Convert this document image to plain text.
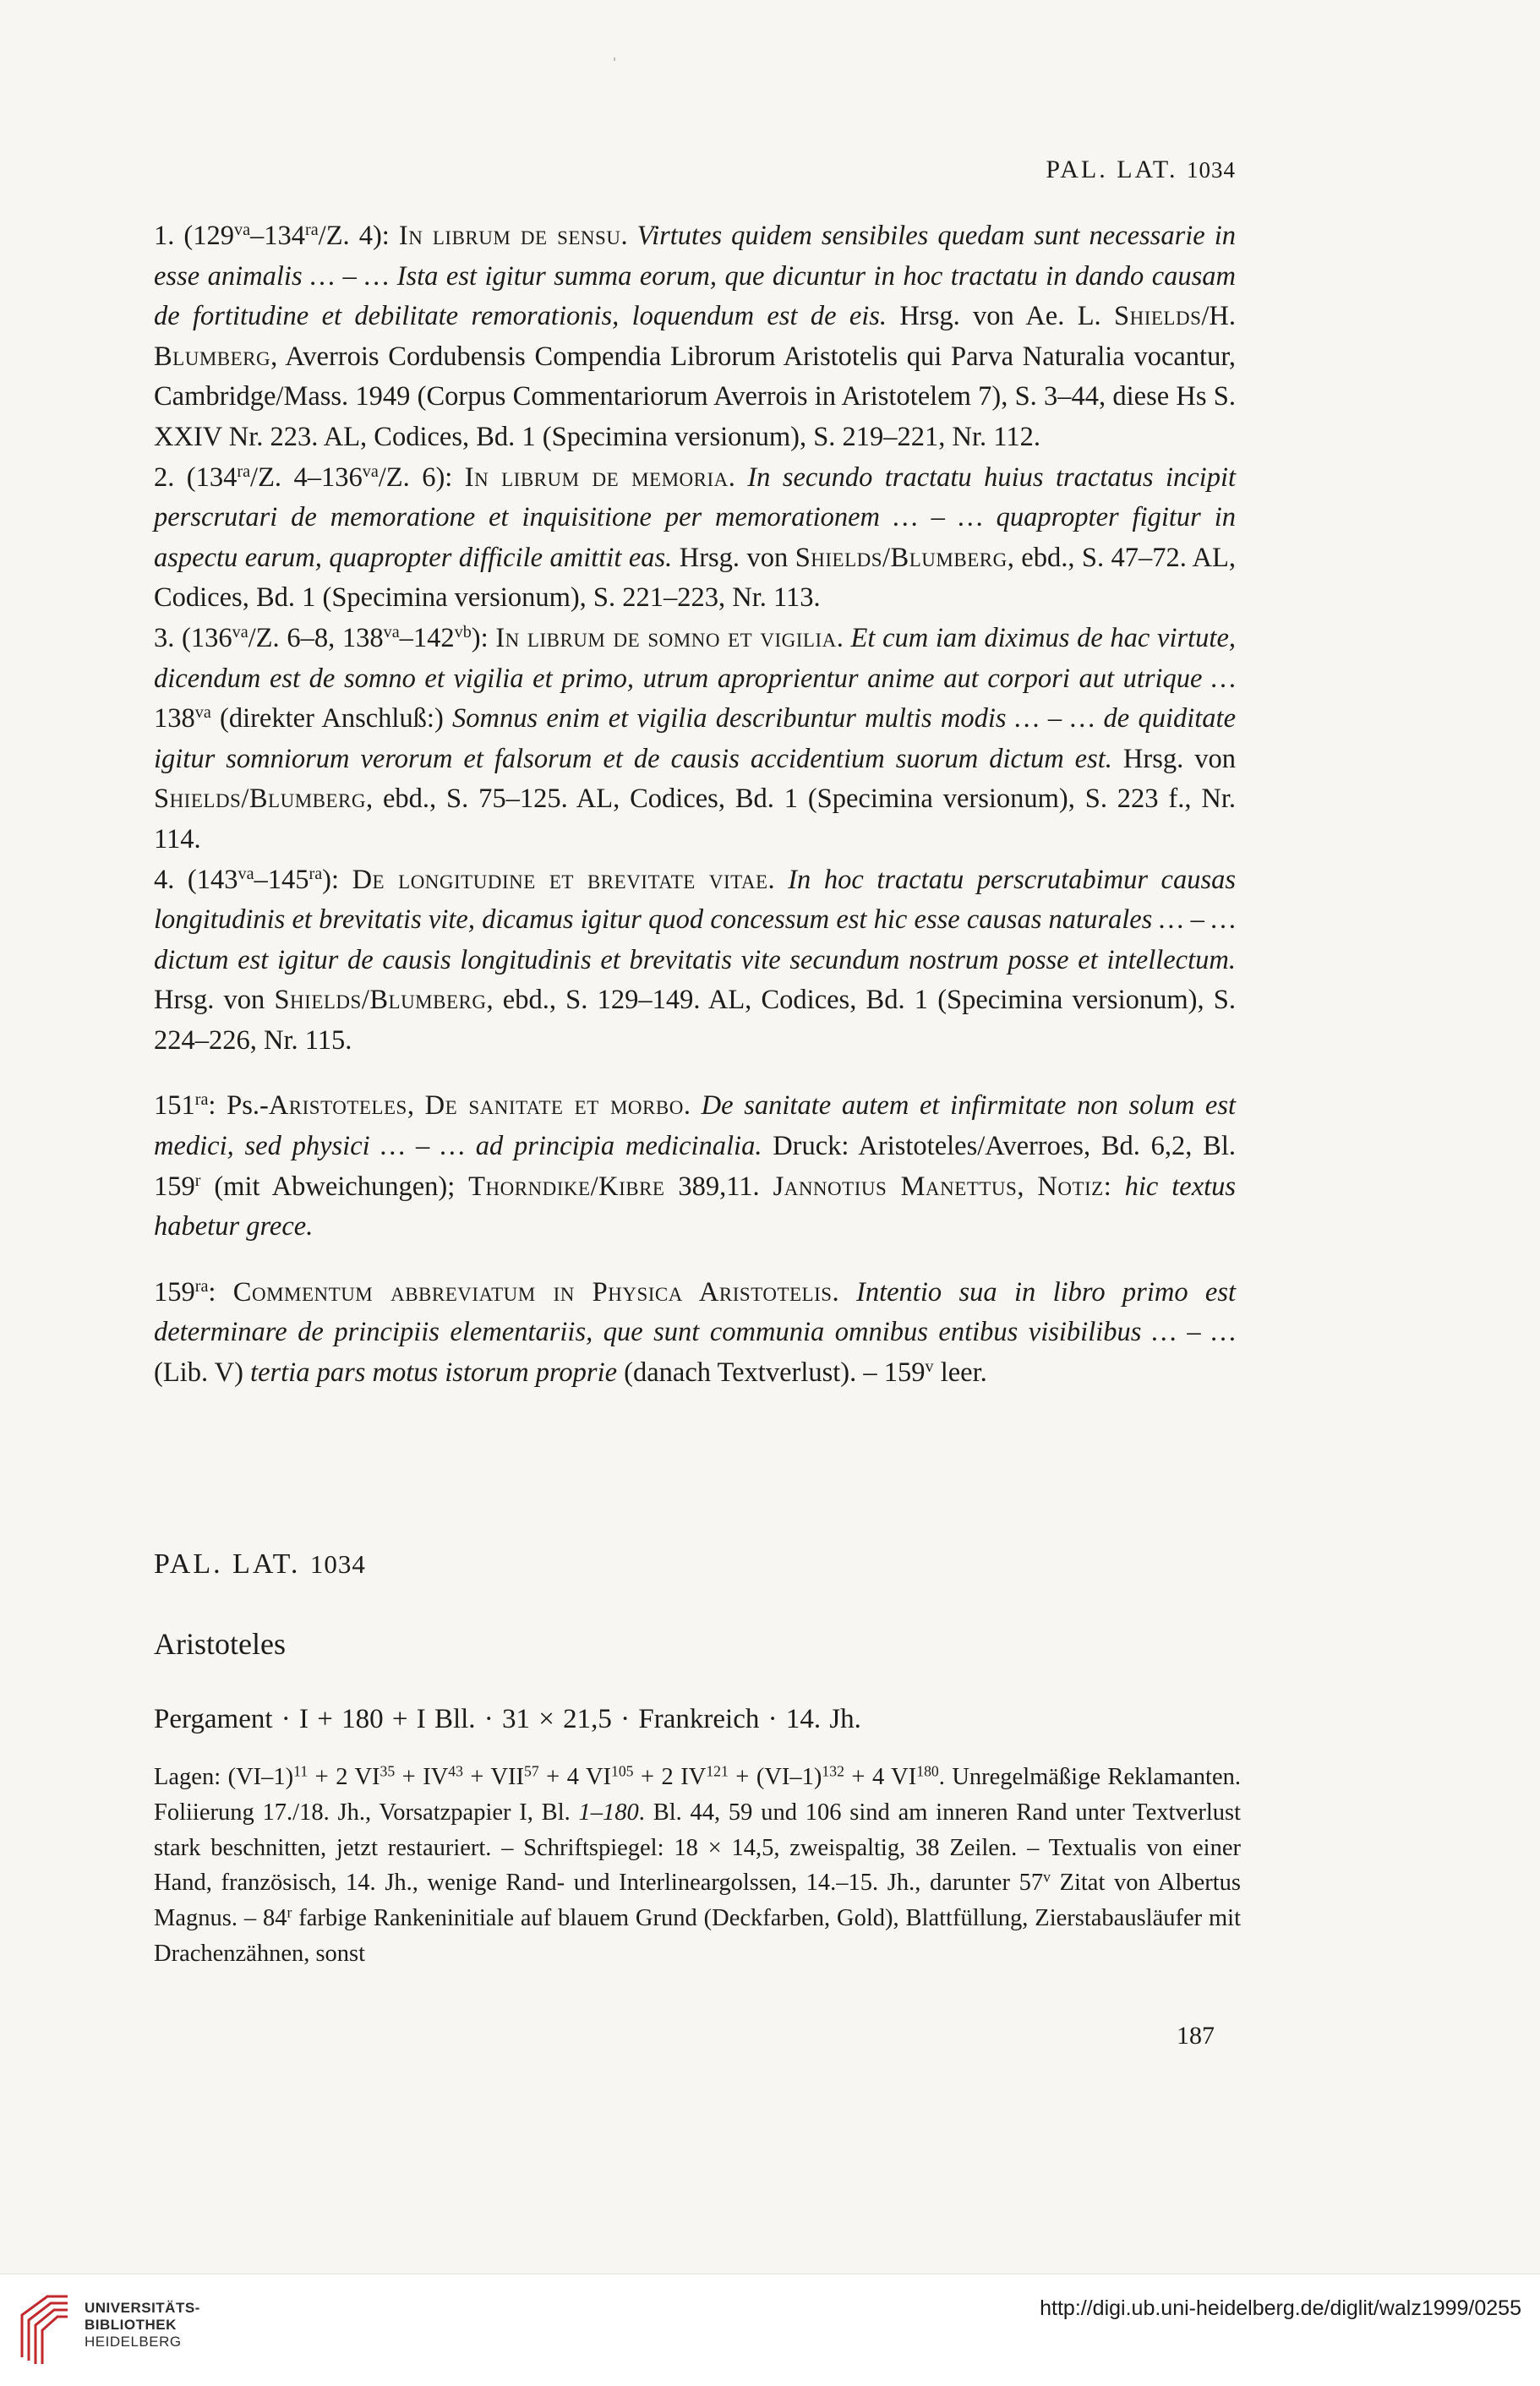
PAL. LAT. 1034

1. ($129^{va}-134^{ra}/Z$. 4): In librum de sensu. Virtutes quidem sensibiles quedam sunt necessarie in esse animalis … – … Ista est igitur summa eorum, que dicuntur in hoc tractatu in dando causam de fortitudine et debilitate remorationis, loquendum est de eis. Hrsg. von Ae. L. Shields/H. Blumberg, Averrois Cordubensis Compendia Librorum Aristotelis qui Parva Naturalia vocantur, Cambridge/Mass. 1949 (Corpus Commentariorum Averrois in Aristotelem 7), S. 3–44, diese Hs S. XXIV Nr. 223. AL, Codices, Bd. 1 (Specimina versionum), S. 219–221, Nr. 112.

2. ($134^{ra}/Z$. $4-136^{va}/Z$. 6): In librum de memoria. In secundo tractatu huius tractatus incipit perscrutari de memoratione et inquisitione per memorationem … – … quapropter figitur in aspectu earum, quapropter difficile amittit eas. Hrsg. von Shields/Blumberg, ebd., S. 47–72. AL, Codices, Bd. 1 (Specimina versionum), S. 221–223, Nr. 113.

3. ($136^{va}/Z$. 6–8, $138^{va}-142^{vb}$): In librum de somno et vigilia. Et cum iam diximus de hac virtute, dicendum est de somno et vigilia et primo, utrum aproprientur anime aut corpori aut utrique … $138^{va}$ (direkter Anschluß:) Somnus enim et vigilia describuntur multis modis … – … de quiditate igitur somniorum verorum et falsorum et de causis accidentium suorum dictum est. Hrsg. von Shields/Blumberg, ebd., S. 75–125. AL, Codices, Bd. 1 (Specimina versionum), S. 223 f., Nr. 114.

4. $(143^{va}-145^{ra})$: De longitudine et brevitate vitae. In hoc tractatu perscrutabimur causas longitudinis et brevitatis vite, dicamus igitur quod concessum est hic esse causas naturales … – … dictum est igitur de causis longitudinis et brevitatis vite secundum nostrum posse et intellectum. Hrsg. von Shields/Blumberg, ebd., S. 129–149. AL, Codices, Bd. 1 (Specimina versionum), S. 224–226, Nr. 115.

$151^{ra}$: Ps.-Aristoteles, De sanitate et morbo. De sanitate autem et infirmitate non solum est medici, sed physici … – … ad principia medicinalia. Druck: Aristoteles/Averroes, Bd. 6,2, Bl. 159$^r$ (mit Abweichungen); Thorndike/Kibre 389,11. Jannotius Manettus, Notiz: hic textus habetur grece.

$159^{ra}$: Commentum abbreviatum in Physica Aristotelis. Intentio sua in libro primo est determinare de principiis elementariis, que sunt communia omnibus entibus visibilibus … – … (Lib. V) tertia pars motus istorum proprie (danach Textverlust). – 159$^v$ leer.

PAL. LAT. 1034
Aristoteles
Pergament · I + 180 + I Bll. · 31 × 21,5 · Frankreich · 14. Jh.
Lagen: $(VI-1)^{11} + 2$ $VI^{35} + IV^{43} + VII^{57} + 4$ $VI^{105} + 2$ $IV^{121} + (VI-1)^{132} + 4$ VI$^{180}$. Unregelmäßige Reklamanten. Foliierung 17./18. Jh., Vorsatzpapier I, Bl. 1–180. Bl. 44, 59 und 106 sind am inneren Rand unter Textverlust stark beschnitten, jetzt restauriert. – Schriftspiegel: 18 × 14,5, zweispaltig, 38 Zeilen. – Textualis von einer Hand, französisch, 14. Jh., wenige Rand- und Interlineargolssen, 14.–15. Jh., darunter 57$^v$ Zitat von Albertus Magnus. – 84$^r$ farbige Rankeninitiale auf blauem Grund (Deckfarben, Gold), Blattfüllung, Zierstabausläufer mit Drachenzähnen, sonst
187
UNIVERSITÄTS-
BIBLIOTHEK
HEIDELBERG
http://digi.ub.uni-heidelberg.de/diglit/walz1999/0255
